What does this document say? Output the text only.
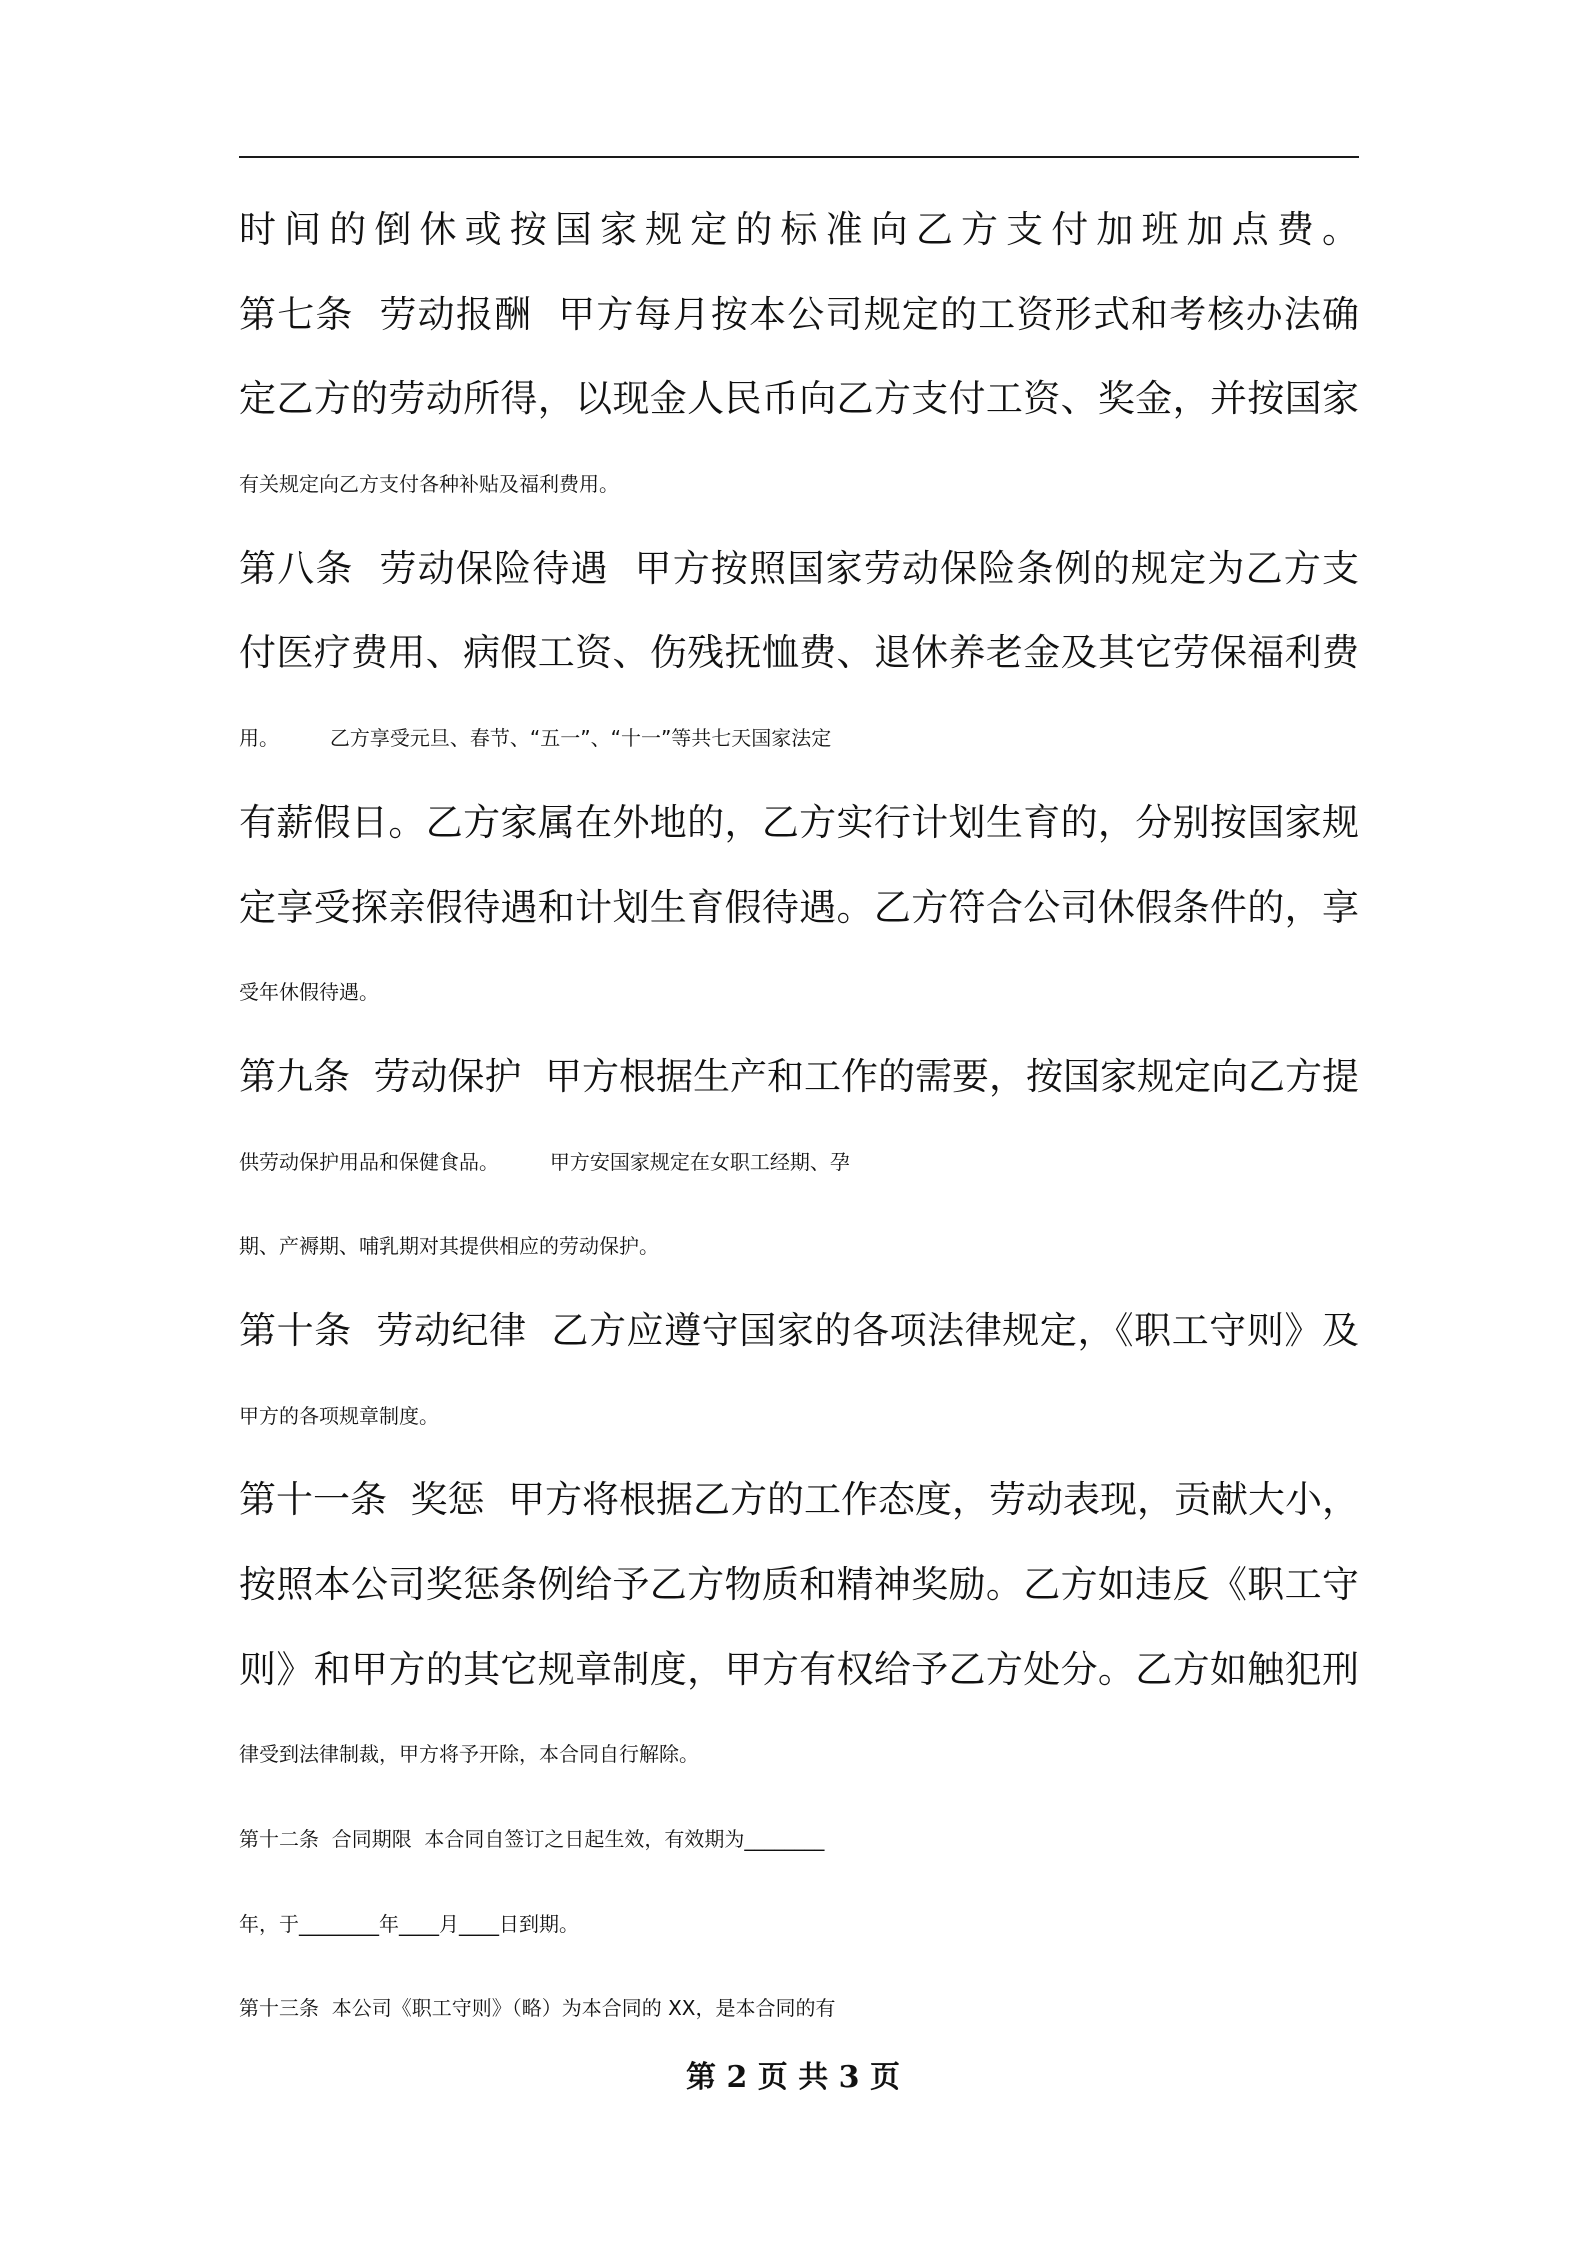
时间的倒休或按国家规定的标准向乙方支付加班加点费。
第七条  劳动报酬  甲方每月按本公司规定的工资形式和考核办法确
定乙方的劳动所得，以现金人民币向乙方支付工资、奖金，并按国家
有关规定向乙方支付各种补贴及福利费用。
第八条  劳动保险待遇  甲方按照国家劳动保险条例的规定为乙方支
付医疗费用、病假工资、伤残抚恤费、退休养老金及其它劳保福利费
用。        乙方享受元旦、春节、“五一”、“十一”等共七天国家法定
有薪假日。乙方家属在外地的，乙方实行计划生育的，分别按国家规
定享受探亲假待遇和计划生育假待遇。乙方符合公司休假条件的，享
受年休假待遇。
第九条  劳动保护  甲方根据生产和工作的需要，按国家规定向乙方提
供劳动保护用品和保健食品。        甲方安国家规定在女职工经期、孕
期、产褥期、哺乳期对其提供相应的劳动保护。
第十条  劳动纪律  乙方应遵守国家的各项法律规定，《职工守则》及
甲方的各项规章制度。
第十一条  奖惩  甲方将根据乙方的工作态度，劳动表现，贡献大小，
按照本公司奖惩条例给予乙方物质和精神奖励。乙方如违反《职工守
则》和甲方的其它规章制度，甲方有权给予乙方处分。乙方如触犯刑
律受到法律制裁，甲方将予开除，本合同自行解除。
第十二条  合同期限  本合同自签订之日起生效，有效期为________
年，于________年____月____日到期。
第十三条  本公司《职工守则》（略）为本合同的 XX，是本合同的有
第 2 页 共 3 页
